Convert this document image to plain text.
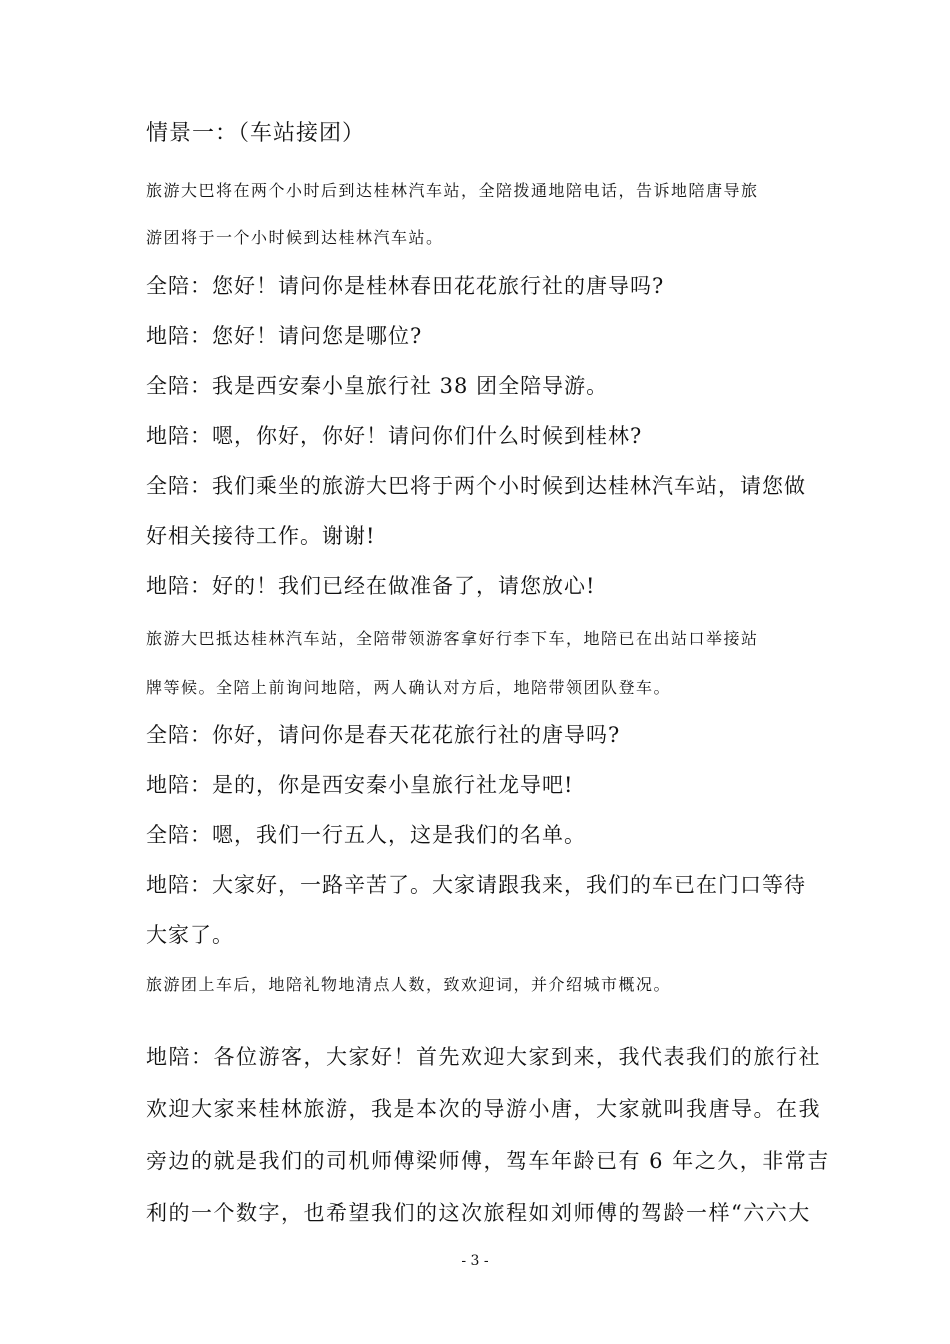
情景一：（车站接团）
旅游大巴将在两个小时后到达桂林汽车站，全陪拨通地陪电话，告诉地陪唐导旅
游团将于一个小时候到达桂林汽车站。
全陪：您好！请问你是桂林春田花花旅行社的唐导吗?
地陪：您好！请问您是哪位?
全陪：我是西安秦小皇旅行社 38 团全陪导游。
地陪：嗯，你好，你好！请问你们什么时候到桂林?
全陪：我们乘坐的旅游大巴将于两个小时候到达桂林汽车站，请您做
好相关接待工作。谢谢!
地陪：好的！我们已经在做准备了，请您放心!
旅游大巴抵达桂林汽车站，全陪带领游客拿好行李下车，地陪已在出站口举接站
牌等候。全陪上前询问地陪，两人确认对方后，地陪带领团队登车。
全陪：你好，请问你是春天花花旅行社的唐导吗?
地陪：是的，你是西安秦小皇旅行社龙导吧!
全陪：嗯，我们一行五人，这是我们的名单。
地陪：大家好，一路辛苦了。大家请跟我来，我们的车已在门口等待
大家了。
旅游团上车后，地陪礼物地清点人数，致欢迎词，并介绍城市概况。
地陪：各位游客，大家好！首先欢迎大家到来，我代表我们的旅行社
欢迎大家来桂林旅游，我是本次的导游小唐，大家就叫我唐导。在我
旁边的就是我们的司机师傅梁师傅，驾车年龄已有 6 年之久，非常吉
利的一个数字，也希望我们的这次旅程如刘师傅的驾龄一样“六六大
- 3 -
